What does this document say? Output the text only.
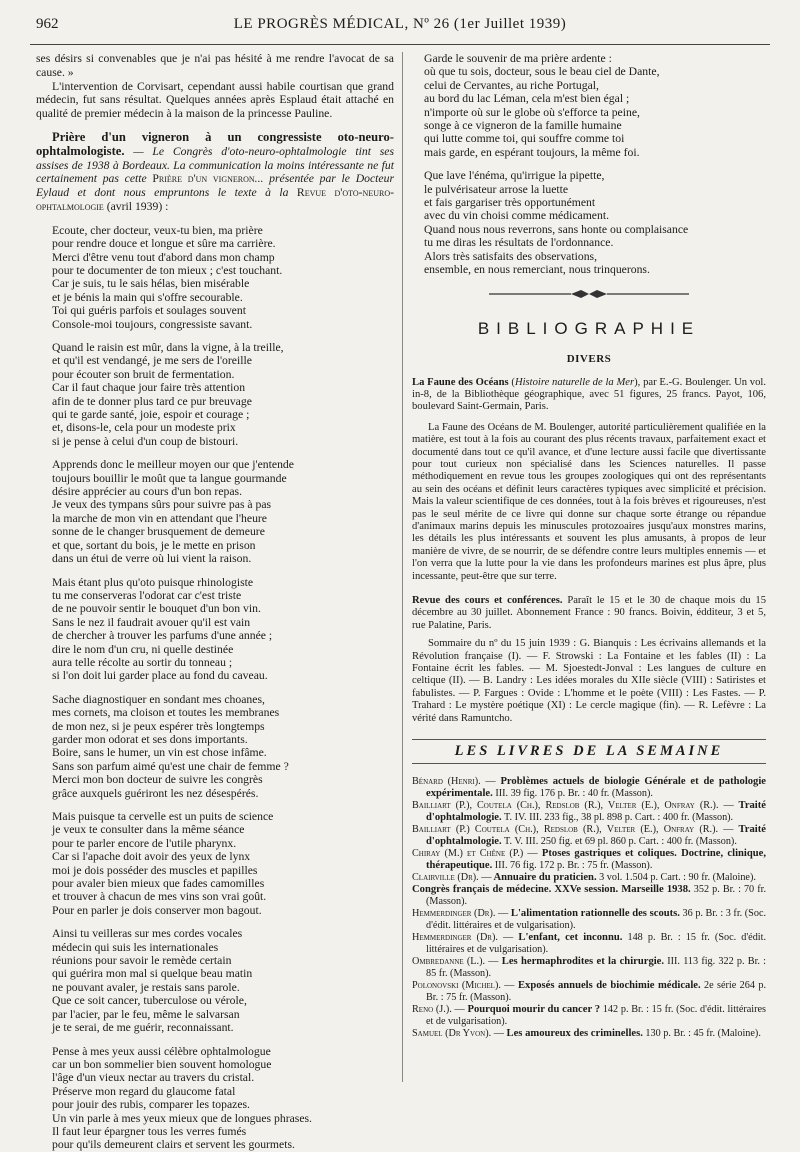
962	LE PROGRÈS MÉDICAL, Nº 26 (1er Juillet 1939)

ses désirs si convenables que je n'ai pas hésité à me rendre l'avocat de sa cause. »

L'intervention de Corvisart, cependant aussi habile courtisan que grand médecin, fut sans résultat. Quelques années après Esplaud était attaché en qualité de premier médecin à la maison de la princesse Pauline.

Prière d'un vigneron à un congressiste oto-neuro-ophtalmologiste. — Le Congrès d'oto-neuro-ophtalmologie tint ses assises de 1938 à Bordeaux. La communication la moins intéressante ne fut certainement pas cette Prière d'un vigneron... présentée par le Docteur Eylaud et dont nous empruntons le texte à la Revue d'oto-neuro-ophtalmologie (avril 1939) :

Ecoute, cher docteur, veux-tu bien, ma prière
pour rendre douce et longue et sûre ma carrière.
Merci d'être venu tout d'abord dans mon champ
pour te documenter de ton mieux ; c'est touchant.
Car je suis, tu le sais hélas, bien misérable
et je bénis la main qui s'offre secourable.
Toi qui guéris parfois et soulages souvent
Console-moi toujours, congressiste savant.
Quand le raisin est mûr, dans la vigne, à la treille,
et qu'il est vendangé, je me sers de l'oreille
pour écouter son bruit de fermentation.
Car il faut chaque jour faire très attention
afin de te donner plus tard ce pur breuvage
qui te garde santé, joie, espoir et courage ;
et, disons-le, cela pour un modeste prix
si je pense à celui d'un coup de bistouri.
Apprends donc le meilleur moyen our que j'entende
toujours bouillir le moût que ta langue gourmande
désire apprécier au cours d'un bon repas.
Je veux des tympans sûrs pour suivre pas à pas
la marche de mon vin en attendant que l'heure
sonne de le changer brusquement de demeure
et que, sortant du bois, je le mette en prison
dans un étui de verre où lui vient la raison.
Mais étant plus qu'oto puisque rhinologiste
tu me conserveras l'odorat car c'est triste
de ne pouvoir sentir le bouquet d'un bon vin.
Sans le nez il faudrait avouer qu'il est vain
de chercher à trouver les parfums d'une année ;
dire le nom d'un cru, ni quelle destinée
aura telle récolte au sortir du tonneau ;
si l'on doit lui garder place au fond du caveau.
Sache diagnostiquer en sondant mes choanes,
mes cornets, ma cloison et toutes les membranes
de mon nez, si je peux espérer très longtemps
garder mon odorat et ses dons importants.
Boire, sans le humer, un vin est chose infâme.
Sans son parfum aimé qu'est une chair de femme ?
Merci mon bon docteur de suivre les congrès
grâce auxquels guériront les nez désespérés.
Mais puisque ta cervelle est un puits de science
je veux te consulter dans la même séance
pour te parler encore de l'utile pharynx.
Car si l'apache doit avoir des yeux de lynx
moi je dois posséder des muscles et papilles
pour avaler bien mieux que fades camomilles
et trouver à chacun de mes vins son vrai goût.
Pour en parler je dois conserver mon bagout.
Ainsi tu veilleras sur mes cordes vocales
médecin qui suis les internationales
réunions pour savoir le remède certain
qui guérira mon mal si quelque beau matin
ne pouvant avaler, je restais sans parole.
Que ce soit cancer, tuberculose ou vérole,
par l'acier, par le feu, même le salvarsan
je te serai, de me guérir, reconnaissant.
Pense à mes yeux aussi célèbre ophtalmologue
car un bon sommelier bien souvent homologue
l'âge d'un vieux nectar au travers du cristal.
Préserve mon regard du glaucome fatal
pour jouir des rubis, comparer les topazes.
Un vin parle à mes yeux mieux que de longues phrases.
Il faut leur épargner tous les verres fumés
pour qu'ils demeurent clairs et servent les gourmets.
Garde le souvenir de ma prière ardente :
où que tu sois, docteur, sous le beau ciel de Dante,
celui de Cervantes, au riche Portugal,
au bord du lac Léman, cela m'est bien égal ;
n'importe où sur le globe où s'efforce ta peine,
songe à ce vigneron de la famille humaine
qui lutte comme toi, qui souffre comme toi
mais garde, en espérant toujours, la même foi.
Que lave l'énéma, qu'irrigue la pipette,
le pulvérisateur arrose la luette
et fais gargariser très opportunément
avec du vin choisi comme médicament.
Quand nous nous reverrons, sans honte ou complaisance
tu me diras les résultats de l'ordonnance.
Alors très satisfaits des observations,
ensemble, en nous remerciant, nous trinquerons.
BIBLIOGRAPHIE
DIVERS

La Faune des Océans (Histoire naturelle de la Mer), par E.-G. Boulenger. Un vol. in-8, de la Bibliothèque géographique, avec 51 figures, 25 francs. Payot, 106, boulevard Saint-Germain, Paris.

La Faune des Océans de M. Boulenger, autorité particulièrement qualifiée en la matière, est tout à la fois au courant des plus récents travaux, parfaitement exact et documenté dans tout ce qu'il avance, et d'une lecture aussi facile que divertissante pour tout curieux non spécialisé dans les Sciences naturelles. Il passe méthodiquement en revue tous les groupes zoologiques qui ont des représentants au sein des océans et définit leurs caractères typiques avec simplicité et précision. Mais la valeur scientifique de ces données, tout à la fois brèves et rigoureuses, n'est pas le seul mérite de ce livre qui donne sur chaque sorte étrange ou répandue d'animaux marins depuis les minuscules protozoaires jusqu'aux monstres marins, les détails les plus intéressants et souvent les plus amusants, à propos de leur manière de vivre, de se nourrir, de se défendre contre leurs multiples ennemis — et l'on verra que la lutte pour la vie dans les profondeurs marines est plus âpre, plus incessante, peut-être que sur terre.

Revue des cours et conférences. Paraît le 15 et le 30 de chaque mois du 15 décembre au 30 juillet. Abonnement France : 90 francs. Boivin, édditeur, 3 et 5, rue Palatine, Paris.

Sommaire du nº du 15 juin 1939 : G. Bianquis : Les écrivains allemands et la Révolution française (I). — F. Strowski : La Fontaine et les fables (II) : La Fontaine écrit les fables. — M. Sjoestedt-Jonval : Les langues de culture en celtique (II). — B. Landry : Les idées morales du XIIe siècle (VIII) : Satiristes et fabulistes. — P. Fargues : Ovide : L'homme et le poète (VIII) : Les Fastes. — P. Trahard : Le mystère poétique (XI) : Le cercle magique (fin). — R. Lefèvre : La vérité dans Ramuntcho.

LES LIVRES DE LA SEMAINE

Bénard (Henri). — Problèmes actuels de biologie Générale et de pathologie expérimentale. III. 39 fig. 176 p. Br. : 40 fr. (Masson).

Bailliart (P.), Coutela (Ch.), Redslob (R.), Velter (E.), Onfray (R.). — Traité d'ophtalmologie. T. IV. III. 233 fig., 38 pl. 898 p. Cart. : 400 fr. (Masson).

Bailliart (P.) Coutela (Ch.), Redslob (R.), Velter (E.), Onfray (R.). — Traité d'ophtalmologie. T. V. III. 250 fig. et 69 pl. 860 p. Cart. : 400 fr. (Masson).

Chiray (M.) et Chêne (P.) — Ptoses gastriques et coliques. Doctrine, clinique, thérapeutique. III. 76 fig. 172 p. Br. : 75 fr. (Masson).

Clairville (Dr). — Annuaire du praticien. 3 vol. 1.504 p. Cart. : 90 fr. (Maloine).

Congrès français de médecine. XXVe session. Marseille 1938. 352 p. Br. : 70 fr. (Masson).

Hemmerdinger (Dr). — L'alimentation rationnelle des scouts. 36 p. Br. : 3 fr. (Soc. d'édit. littéraires et de vulgarisation).

Hemmerdinger (Dr). — L'enfant, cet inconnu. 148 p. Br. : 15 fr. (Soc. d'édit. littéraires et de vulgarisation).

Ombredanne (L.). — Les hermaphrodites et la chirurgie. III. 113 fig. 322 p. Br. : 85 fr. (Masson).

Polonovski (Michel). — Exposés annuels de biochimie médicale. 2e série 264 p. Br. : 75 fr. (Masson).

Reno (J.). — Pourquoi mourir du cancer ? 142 p. Br. : 15 fr. (Soc. d'édit. littéraires et de vulgarisation).

Samuel (Dr Yvon). — Les amoureux des criminelles. 130 p. Br. : 45 fr. (Maloine).
